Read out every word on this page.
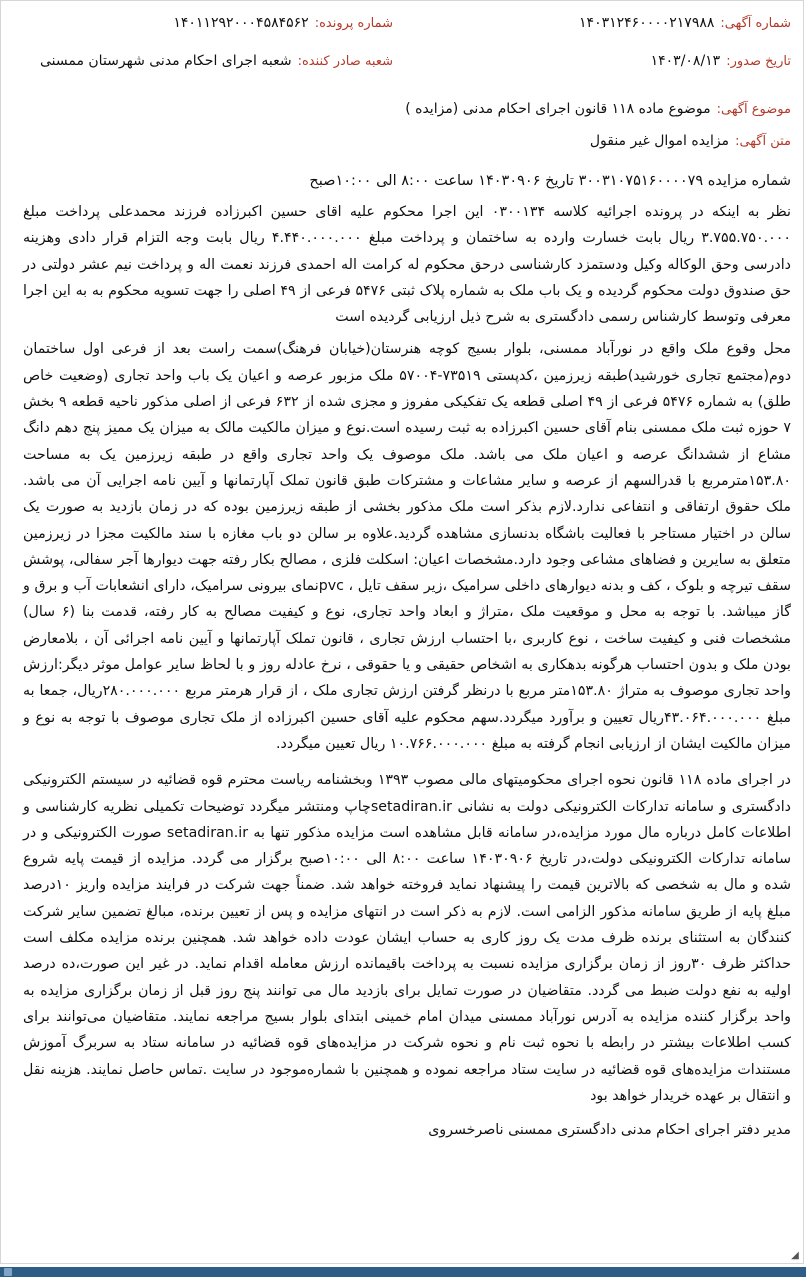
شماره آگهی:
۱۴۰۳۱۲۴۶۰۰۰۰۲۱۷۹۸۸
شماره پرونده:
۱۴۰۱۱۲۹۲۰۰۰۴۵۸۴۵۶۲
تاریخ صدور:
۱۴۰۳/۰۸/۱۳
شعبه صادر کننده:
شعبه اجرای احکام مدنی شهرستان ممسنی
موضوع آگهی:
موضوع ماده ۱۱۸ قانون اجرای احکام مدنی (مزایده )
متن آگهی:
مزایده اموال غیر منقول
شماره مزایده ۳۰۰۳۱۰۷۵۱۶۰۰۰۰۷۹ تاریخ ۱۴۰۳۰۹۰۶ ساعت ۸:۰۰ الی ۱۰:۰۰صبح

نظر به اینکه در پرونده اجرائیه کلاسه ۰۳۰۰۱۳۴ این اجرا محکوم علیه اقای حسین اکبرزاده فرزند محمدعلی پرداخت مبلغ ۳.۷۵۵.۷۵۰.۰۰۰ ریال بابت خسارت وارده به ساختمان و پرداخت مبلغ ۴.۴۴۰.۰۰۰.۰۰۰ ریال بابت وجه التزام قرار دادی وهزینه دادرسی وحق الوکاله وکیل ودستمزد کارشناسی درحق محکوم له کرامت اله احمدی فرزند نعمت اله و پرداخت نیم عشر دولتی در حق صندوق دولت محکوم گردیده و یک باب ملک به شماره پلاک ثبتی ۵۴۷۶ فرعی از ۴۹ اصلی را جهت تسویه محکوم به به این اجرا معرفی وتوسط کارشناس رسمی دادگستری به شرح ذیل ارزیابی گردیده است

محل وقوع ملک واقع در نورآباد ممسنی، بلوار بسیج کوچه هنرستان(خیابان فرهنگ)سمت راست بعد از فرعی اول ساختمان دوم(مجتمع تجاری خورشید)طبقه زیرزمین ،کدپستی ۷۳۵۱۹-۵۷۰۰۴ ملک مزبور عرصه و اعیان یک باب واحد تجاری (وضعیت خاص طلق) به شماره ۵۴۷۶ فرعی از ۴۹ اصلی قطعه یک تفکیکی مفروز و مجزی شده از ۶۳۲ فرعی از اصلی مذکور ناحیه قطعه ۹ بخش ۷ حوزه ثبت ملک ممسنی بنام آقای حسین اکبرزاده به ثبت رسیده است.نوع و میزان مالکیت مالک به میزان یک ممیز پنج دهم دانگ مشاع از ششدانگ عرصه و اعیان ملک می باشد. ملک موصوف یک واحد تجاری واقع در طبقه زیرزمین یک به مساحت ۱۵۳.۸۰مترمربع با قدرالسهم از عرصه و سایر مشاعات و مشترکات طبق قانون تملک آپارتمانها و آیین نامه اجرایی آن می باشد. ملک حقوق ارتفاقی و انتفاعی ندارد.لازم بذکر است ملک مذکور بخشی از طبقه زیرزمین بوده که در زمان بازدید به صورت یک سالن در اختیار مستاجر با فعالیت باشگاه بدنسازی مشاهده گردید.علاوه بر سالن دو باب مغازه با سند مالکیت مجزا در زیرزمین متعلق به سایرین و فضاهای مشاعی وجود دارد.مشخصات اعیان: اسکلت فلزی ، مصالح بکار رفته جهت دیوارها آجر سفالی، پوشش سقف تیرچه و بلوک ، کف و بدنه دیوارهای داخلی سرامیک ،زیر سقف تایل ، pvcنمای بیرونی سرامیک، دارای انشعابات آب و برق و گاز میباشد. با توجه به محل و موقعیت ملک ،متراژ و ابعاد واحد تجاری، نوع و کیفیت مصالح به کار رفته، قدمت بنا (۶ سال) مشخصات فنی و کیفیت ساخت ، نوع کاربری ،با احتساب ارزش تجاری ، قانون تملک آپارتمانها و آیین نامه اجرائی آن ، بلامعارض بودن ملک و بدون احتساب هرگونه بدهکاری به اشخاص حقیقی و یا حقوقی ، نرخ عادله روز و با لحاظ سایر عوامل موثر دیگر:ارزش واحد تجاری موصوف به متراژ ۱۵۳.۸۰متر مربع با درنظر گرفتن ارزش تجاری ملک ، از قرار هرمتر مربع ۲۸۰.۰۰۰.۰۰۰ریال، جمعا به مبلغ ۴۳.۰۶۴.۰۰۰.۰۰۰ریال تعیین و برآورد میگردد.سهم محکوم علیه آقای حسین اکبرزاده از ملک تجاری موصوف با توجه به نوع و میزان مالکیت ایشان از ارزیابی انجام گرفته به مبلغ ۱۰.۷۶۶.۰۰۰.۰۰۰ ریال تعیین میگردد.

در اجرای ماده ۱۱۸ قانون نحوه اجرای محکومیتهای مالی مصوب ۱۳۹۳ وبخشنامه ریاست محترم قوه قضائیه در سیستم الکترونیکی دادگستری و سامانه تدارکات الکترونیکی دولت به نشانی setadiran.irچاپ ومنتشر میگردد توضیحات تکمیلی نظریه کارشناسی و اطلاعات کامل درباره مال مورد مزایده،در سامانه قابل مشاهده است مزایده مذکور تنها به setadiran.ir صورت الکترونیکی و در سامانه تدارکات الکترونیکی دولت،در تاریخ ۱۴۰۳۰۹۰۶ ساعت ۸:۰۰ الی ۱۰:۰۰صبح برگزار می گردد. مزایده از قیمت پایه شروع شده و مال به شخصی که بالاترین قیمت را پیشنهاد نماید فروخته خواهد شد. ضمناً جهت شرکت در فرایند مزایده واریز ۱۰درصد مبلغ پایه از طریق سامانه مذکور الزامی است. لازم به ذکر است در انتهای مزایده و پس از تعیین برنده، مبالغ تضمین سایر شرکت کنندگان به استثنای برنده ظرف مدت یک روز کاری به حساب ایشان عودت داده خواهد شد. همچنین برنده مزایده مکلف است حداکثر ظرف ۳۰روز از زمان برگزاری مزایده نسبت به پرداخت باقیمانده ارزش معامله اقدام نماید. در غیر این صورت،ده درصد اولیه به نفع دولت ضبط می گردد. متقاضیان در صورت تمایل برای بازدید مال می توانند پنج روز قبل از زمان برگزاری مزایده به واحد برگزار کننده مزایده به آدرس نورآباد ممسنی میدان امام خمینی ابتدای بلوار بسیج مراجعه نمایند. متقاضیان می‌توانند برای کسب اطلاعات بیشتر در رابطه با نحوه ثبت نام و نحوه شرکت در مزایده‌های قوه قضائیه در سامانه ستاد به سربرگ آموزش مستندات مزایده‌های قوه قضائیه در سایت ستاد مراجعه نموده و همچنین با شماره‌موجود در سایت .تماس حاصل نمایند. هزینه نقل و انتقال بر عهده خریدار خواهد بود

مدیر دفتر اجرای احکام مدنی دادگستری ممسنی ناصرخسروی
◢
